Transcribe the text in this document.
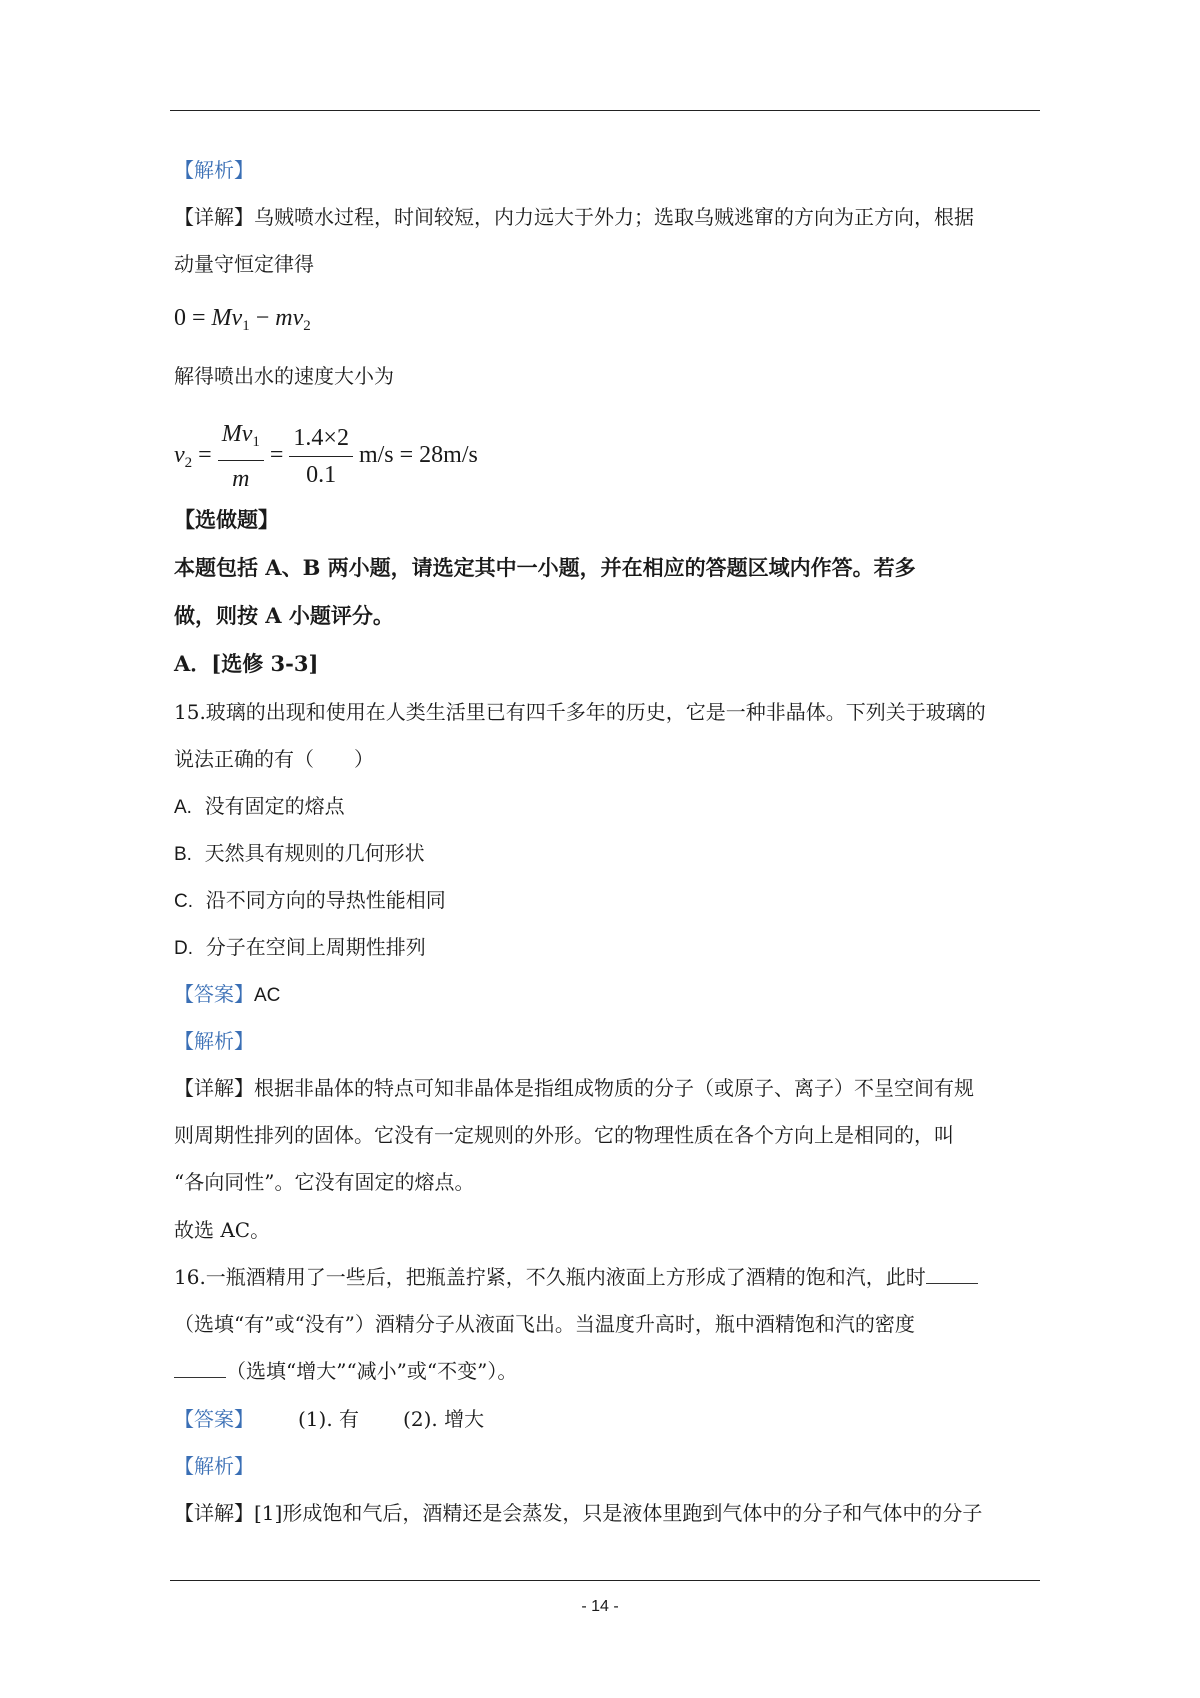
【解析】
【详解】乌贼喷水过程，时间较短，内力远大于外力；选取乌贼逃窜的方向为正方向，根据
动量守恒定律得
$0 = Mv_1 - mv_2$
解得喷出水的速度大小为
$v_2 = \frac{Mv_1}{m} = \frac{1.4\times 2}{0.1} m/s = 28m/s$
【选做题】
本题包括 A、B 两小题，请选定其中一小题，并在相应的答题区域内作答。若多
做，则按 A 小题评分。
A．[选修 3-3]
15.玻璃的出现和使用在人类生活里已有四千多年的历史，它是一种非晶体。下列关于玻璃的
说法正确的有（　　）
A. 没有固定的熔点
B. 天然具有规则的几何形状
C. 沿不同方向的导热性能相同
D. 分子在空间上周期性排列
【答案】AC
【解析】
【详解】根据非晶体的特点可知非晶体是指组成物质的分子（或原子、离子）不呈空间有规
则周期性排列的固体。它没有一定规则的外形。它的物理性质在各个方向上是相同的，叫
“各向同性”。它没有固定的熔点。
故选 AC。
16.一瓶酒精用了一些后，把瓶盖拧紧，不久瓶内液面上方形成了酒精的饱和汽，此时
（选填“有”或“没有”）酒精分子从液面飞出。当温度升高时，瓶中酒精饱和汽的密度
（选填“增大”“减小”或“不变”）。
【答案】 (1). 有 (2). 增大
【解析】
【详解】[1]形成饱和气后，酒精还是会蒸发，只是液体里跑到气体中的分子和气体中的分子
- 14 -
